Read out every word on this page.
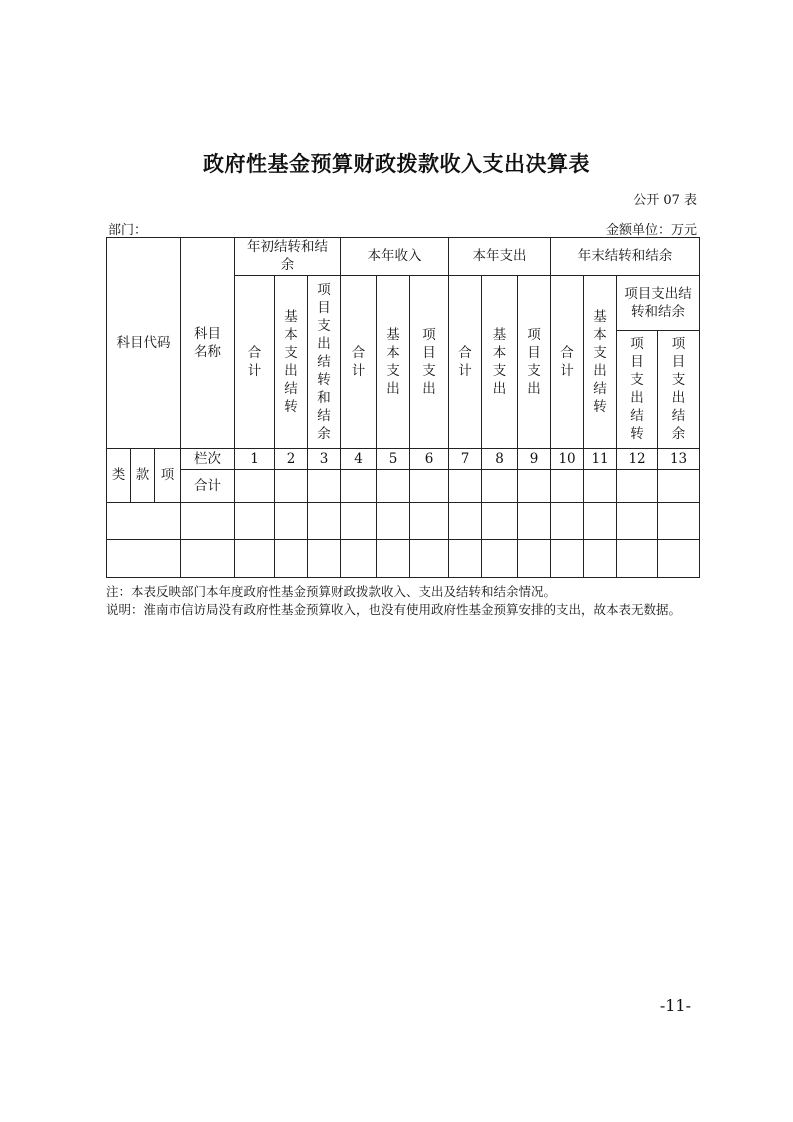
政府性基金预算财政拨款收入支出决算表
公开 07 表
部门：	金额单位：万元
科目代码			科目名称	年初结转和结余			本年收入			本年支出			年末结转和结余			
				合计	基本支出结转	项目支出结转和结余	合计	基本支出	项目支出	合计	基本支出	项目支出	合计	基本支出结转	项目支出结转和结余	
															项目支出结转	项目支出结余
类	款	项	栏次	1	2	3	4	5	6	7	8	9	10	11	12	13
			合计													

注：本表反映部门本年度政府性基金预算财政拨款收入、支出及结转和结余情况。
说明：淮南市信访局没有政府性基金预算收入，也没有使用政府性基金预算安排的支出，故本表无数据。
-11-
